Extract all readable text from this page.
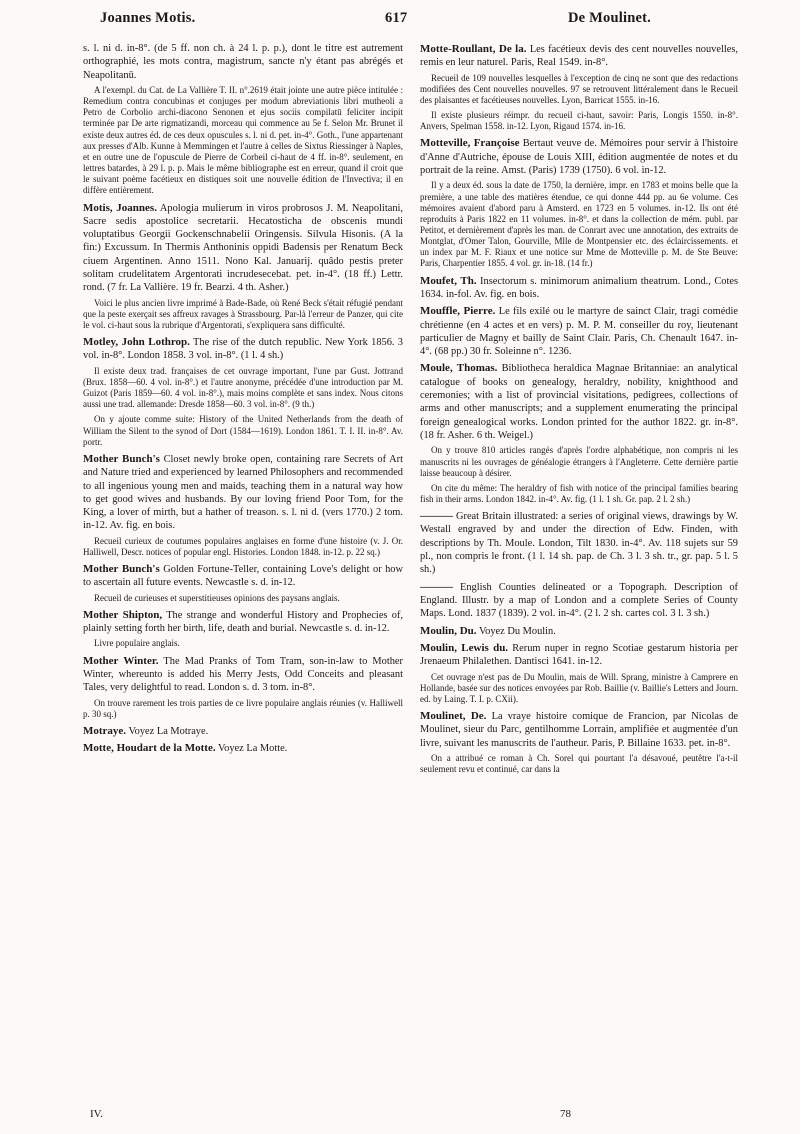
Joannes Motis.	617	De Moulinet.

s. l. ni d. in-8°. (de 5 ff. non ch. à 24 l. p. p.), dont le titre est autrement orthographié, les mots contra, magistrum, sancte n'y étant pas abrégés et Neapolitanū.

A l'exempl. du Cat. de La Vallière T. II. n°.2619 était jointe une autre pièce intitulée : Remedium contra concubinas et conjuges per modum abreviationis libri mutheoli a Petro de Corbolio archi-diacono Senonen et ejus sociis compilatū feliciter incipit terminée par De arte rigmatizandi, morceau qui commence au 5e f. Selon Mr. Brunet il existe deux autres éd. de ces deux opuscules s. l. ni d. pet. in-4°. Goth., l'une appartenant aux presses d'Alb. Kunne à Memmingen et l'autre à celles de Sixtus Riessinger à Naples, et en outre une de l'opuscule de Pierre de Corbeil ci-haut de 4 ff. in-8°. seulement, en lettres batardes, à 29 l. p. p. Mais le même bibliographe est en erreur, quand il croit que le suivant poème facétieux en distiques soit une nouvelle édition de l'Invectiva; il en diffère entièrement.

Motis, Joannes. Apologia mulierum in viros probrosos J. M. Neapolitani, Sacre sedis apostolice secretarii. Hecatosticha de obscenis mundi voluptatibus Georgii Gockenschnabelii Oringensis. Silvula Hisonis. (A la fin:) Excussum. In Thermis Anthoninis oppidi Badensis per Renatum Beck ciuem Argentinen. Anno 1511. Nono Kal. Januarij. quâdo pestis preter solitam crudelitatem Argentorati incrudesecebat. pet. in-4°. (18 ff.) Lettr. rond. (7 fr. La Vallière. 19 fr. Bearzi. 4 th. Asher.)

Voici le plus ancien livre imprimé à Bade-Bade, où René Beck s'était réfugié pendant que la peste exerçait ses affreux ravages à Strassbourg. Par-là l'erreur de Panzer, qui cite le vol. ci-haut sous la rubrique d'Argentorati, s'expliquera sans difficulté.

Motley, John Lothrop. The rise of the dutch republic. New York 1856. 3 vol. in-8°. London 1858. 3 vol. in-8°. (1 l. 4 sh.)

Il existe deux trad. françaises de cet ouvrage important, l'une par Gust. Jottrand (Brux. 1858—60. 4 vol. in-8°.) et l'autre anonyme, précédée d'une introduction par M. Guizot (Paris 1859—60. 4 vol. in-8°.), mais moins complète et sans index. Nous citons aussi une trad. allemande: Dresde 1858—60. 3 vol. in-8°. (9 th.)

On y ajoute comme suite: History of the United Netherlands from the death of William the Silent to the synod of Dort (1584—1619). London 1861. T. I. II. in-8°. Av. portr.

Mother Bunch's Closet newly broke open, containing rare Secrets of Art and Nature tried and experienced by learned Philosophers and recommended to all ingenious young men and maids, teaching them in a natural way how to get good wives and husbands. By our loving friend Poor Tom, for the King, a lover of mirth, but a hather of treason. s. l. ni d. (vers 1770.) 2 tom. in-12. Av. fig. en bois.

Recueil curieux de coutumes populaires anglaises en forme d'une histoire (v. J. Or. Halliwell, Descr. notices of popular engl. Histories. London 1848. in-12. p. 22 sq.)

Mother Bunch's Golden Fortune-Teller, containing Love's delight or how to ascertain all future events. Newcastle s. d. in-12.

Recueil de curieuses et superstitieuses opinions des paysans anglais.

Mother Shipton, The strange and wonderful History and Prophecies of, plainly setting forth her birth, life, death and burial. Newcastle s. d. in-12.

Livre populaire anglais.

Mother Winter. The Mad Pranks of Tom Tram, son-in-law to Mother Winter, whereunto is added his Merry Jests, Odd Conceits and pleasant Tales, very delightful to read. London s. d. 3 tom. in-8°.

On trouve rarement les trois parties de ce livre populaire anglais réunies (v. Halliwell p. 30 sq.)

Motraye. Voyez La Motraye.

Motte, Houdart de la Motte. Voyez La Motte.

Motte-Roullant, De la. Les facétieux devis des cent nouvelles nouvelles, remis en leur naturel. Paris, Real 1549. in-8°.

Recueil de 109 nouvelles lesquelles à l'exception de cinq ne sont que des redactions modifiées des Cent nouvelles nouvelles. 97 se retrouvent littéralement dans le Recueil des plaisantes et facétieuses nouvelles. Lyon, Barricat 1555. in-16.

Il existe plusieurs réimpr. du recueil ci-haut, savoir: Paris, Longis 1550. in-8°. Anvers, Spelman 1558. in-12. Lyon, Rigaud 1574. in-16.

Motteville, Françoise Bertaut veuve de. Mémoires pour servir à l'histoire d'Anne d'Autriche, épouse de Louis XIII, édition augmentée de notes et du portrait de la reine. Amst. (Paris) 1739 (1750). 6 vol. in-12.

Il y a deux éd. sous la date de 1750, la dernière, impr. en 1783 et moins belle que la première, a une table des matières étendue, ce qui donne 444 pp. au 6e volume. Ces mémoires avaient d'abord paru à Amsterd. en 1723 en 5 volumes. in-12. Ils ont été reproduits à Paris 1822 en 11 volumes. in-8°. et dans la collection de mém. publ. par Petitot, et dernièrement d'après les man. de Conrart avec une annotation, des extraits de Montglat, d'Omer Talon, Gourville, Mlle de Montpensier etc. des éclaircissements. et un index par M. F. Riaux et une notice sur Mme de Motteville p. M. de Ste Beuve: Paris, Charpentier 1855. 4 vol. gr. in-18. (14 fr.)

Moufet, Th. Insectorum s. minimorum animalium theatrum. Lond., Cotes 1634. in-fol. Av. fig. en bois.

Mouffle, Pierre. Le fils exilé ou le martyre de sainct Clair, tragi comédie chrétienne (en 4 actes et en vers) p. M. P. M. conseiller du roy, lieutenant particulier de Magny et bailly de Saint Clair. Paris, Ch. Chenault 1647. in-4°. (68 pp.) 30 fr. Soleinne n°. 1236.

Moule, Thomas. Bibliotheca heraldica Magnae Britanniae: an analytical catalogue of books on genealogy, heraldry, nobility, knighthood and ceremonies; with a list of provincial visitations, pedigrees, collections of arms and other manuscripts; and a supplement enumerating the principal foreign genealogical works. London printed for the author 1822. gr. in-8°. (18 fr. Asher. 6 th. Weigel.)

On y trouve 810 articles rangés d'après l'ordre alphabétique, non compris ni les manuscrits ni les ouvrages de généalogie étrangers à l'Angleterre. Cette dernière partie laisse beaucoup à désirer.

On cite du même: The heraldry of fish with notice of the principal families bearing fish in their arms. London 1842. in-4°. Av. fig. (1 l. 1 sh. Gr. pap. 2 l. 2 sh.)

——— Great Britain illustrated: a series of original views, drawings by W. Westall engraved by and under the direction of Edw. Finden, with descriptions by Th. Moule. London, Tilt 1830. in-4°. Av. 118 sujets sur 59 pl., non compris le front. (1 l. 14 sh. pap. de Ch. 3 l. 3 sh. tr., gr. pap. 5 l. 5 sh.)

——— English Counties delineated or a Topograph. Description of England. Illustr. by a map of London and a complete Series of County Maps. Lond. 1837 (1839). 2 vol. in-4°. (2 l. 2 sh. cartes col. 3 l. 3 sh.)

Moulin, Du. Voyez Du Moulin.

Moulin, Lewis du. Rerum nuper in regno Scotiae gestarum historia per Jrenaeum Philalethen. Dantisci 1641. in-12.

Cet ouvrage n'est pas de Du Moulin, mais de Will. Sprang, ministre à Camprere en Hollande, basée sur des notices envoyées par Rob. Baillie (v. Baillie's Letters and Journ. ed. by Laing. T. I. p. CXii).

Moulinet, De. La vraye histoire comique de Francion, par Nicolas de Moulinet, sieur du Parc, gentilhomme Lorrain, amplifiée et augmentée d'un livre, suivant les manuscrits de l'autheur. Paris, P. Billaine 1633. pet. in-8°.

On a attribué ce roman à Ch. Sorel qui pourtant l'a désavoué, peutêtre l'a-t-il seulement revu et continué, car dans la

IV.	78
